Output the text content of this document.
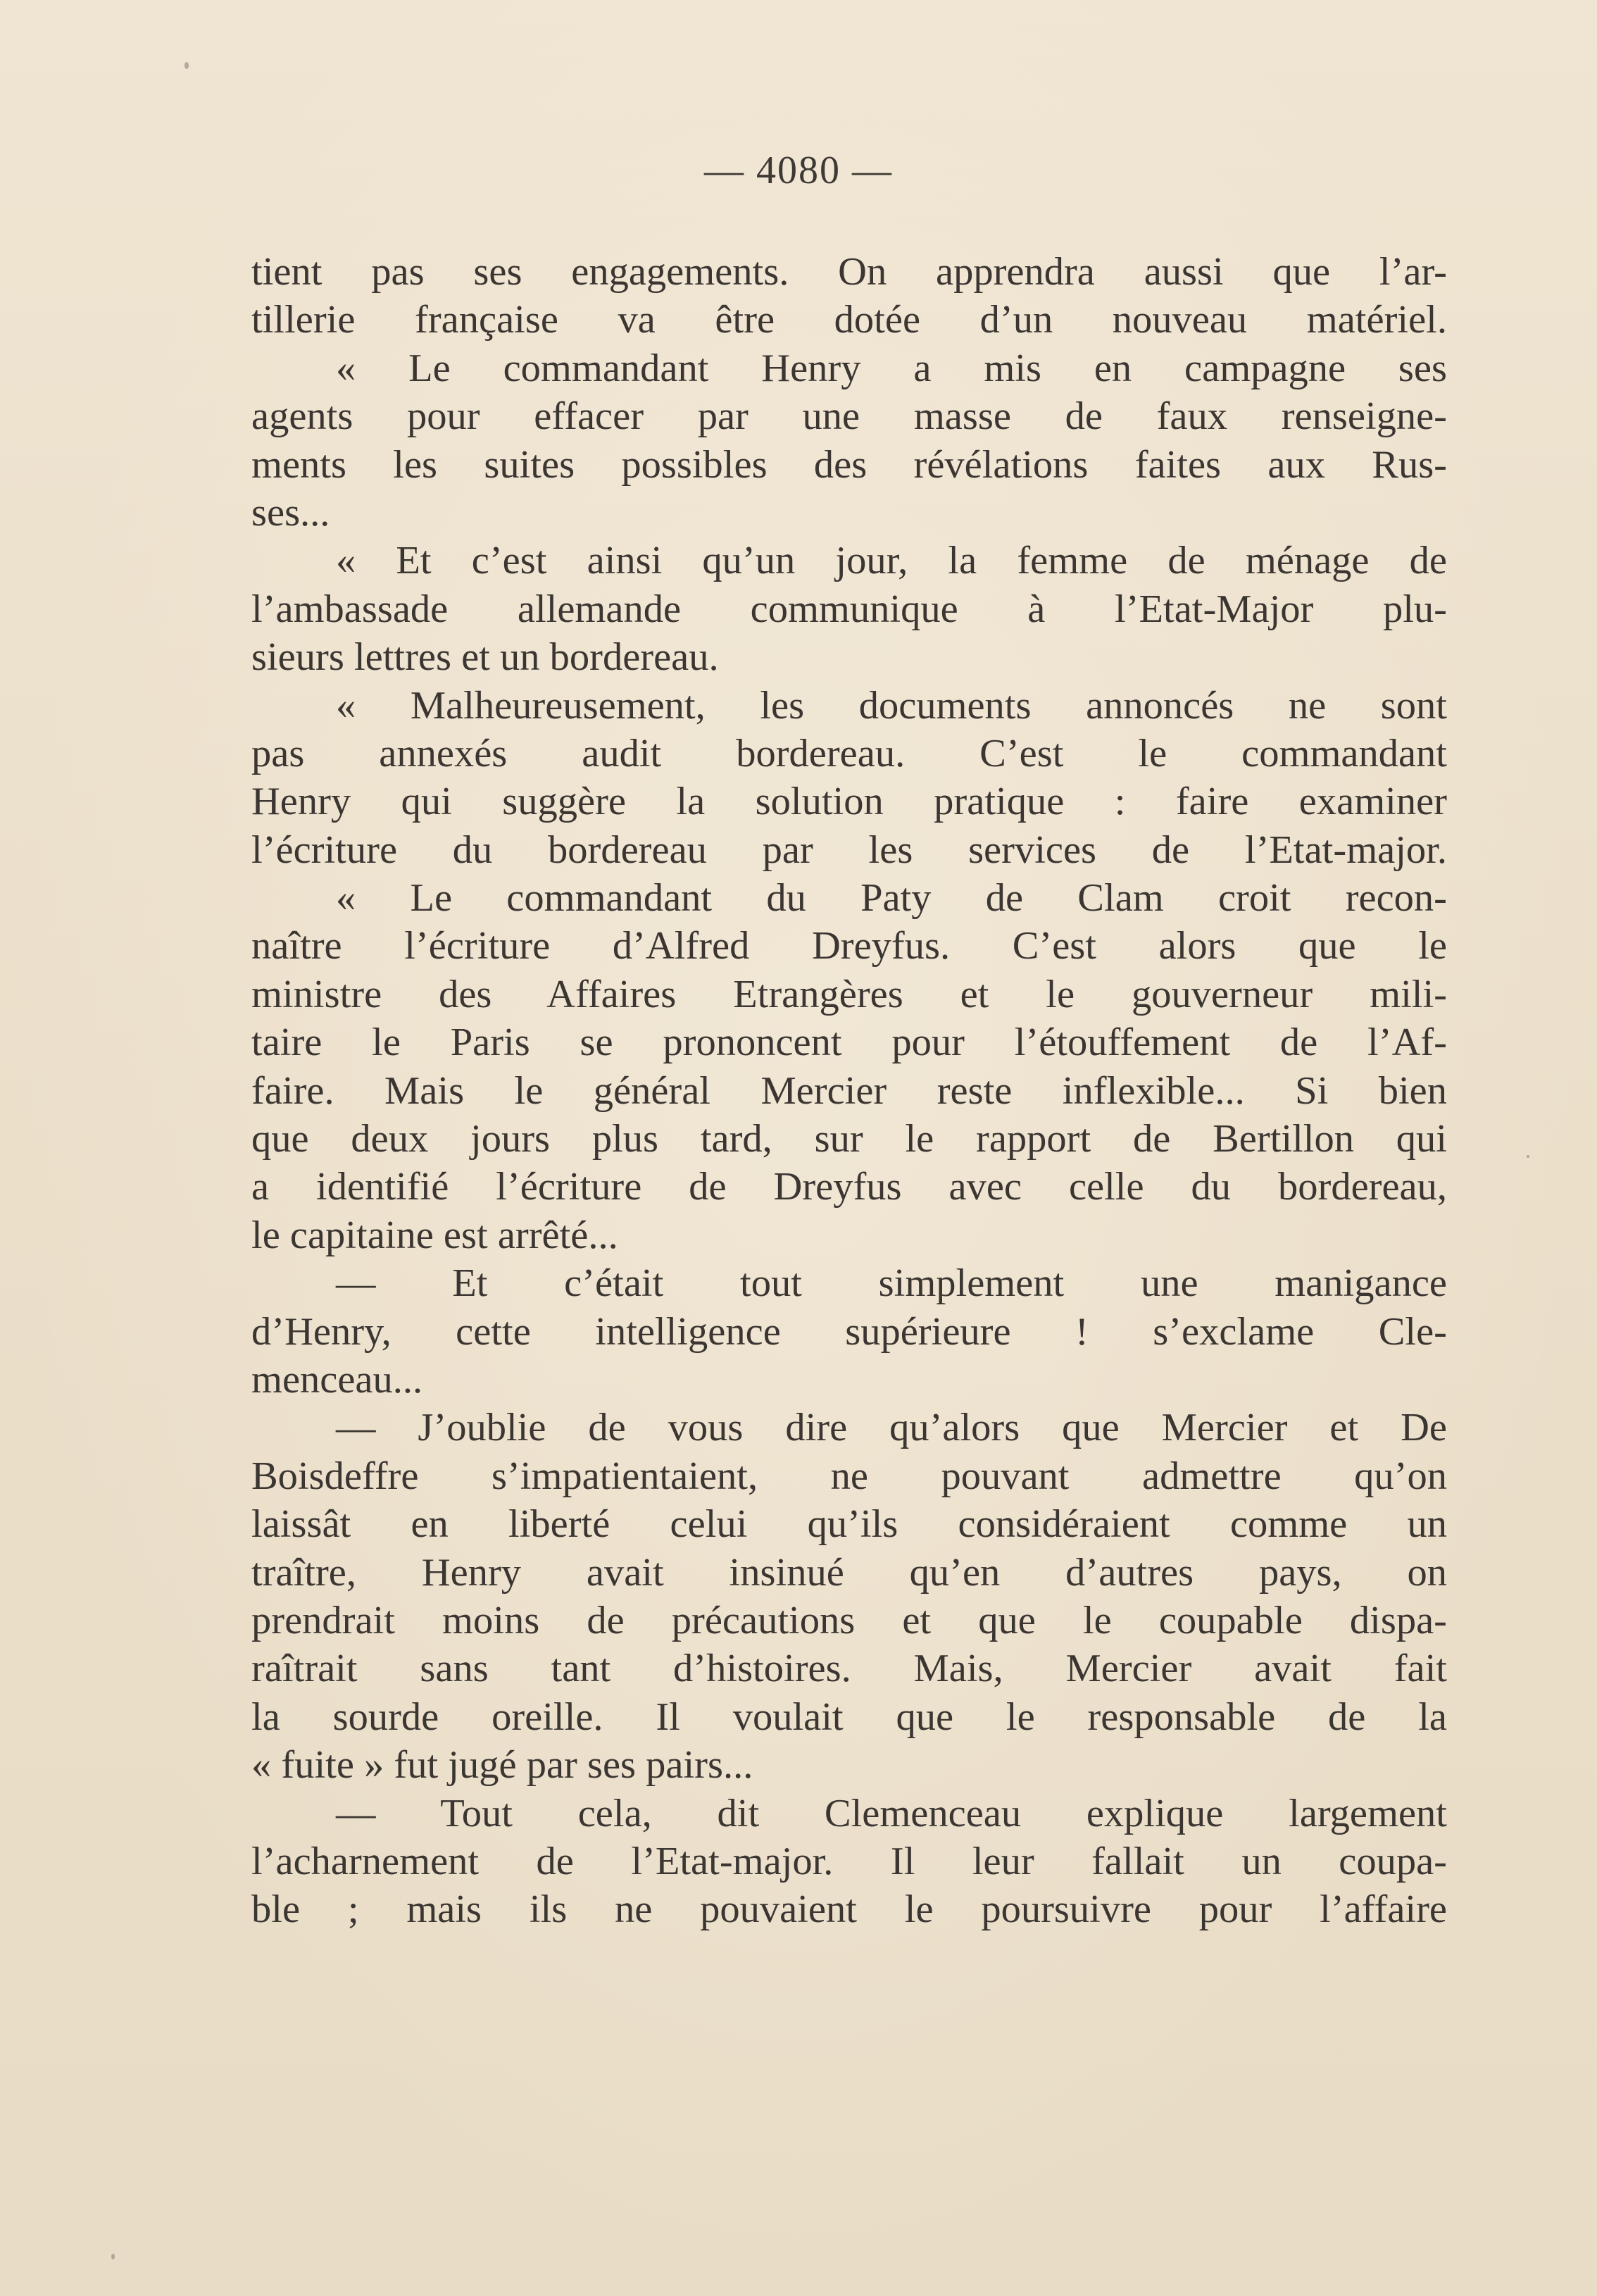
— 4080 —
tient pas ses engagements. On apprendra aussi que l’ar-
tillerie française va être dotée d’un nouveau matériel.
« Le commandant Henry a mis en campagne ses
agents pour effacer par une masse de faux renseigne-
ments les suites possibles des révélations faites aux Rus-
ses...
« Et c’est ainsi qu’un jour, la femme de ménage de
l’ambassade allemande communique à l’Etat-Major plu-
sieurs lettres et un bordereau.
« Malheureusement, les documents annoncés ne sont
pas annexés audit bordereau. C’est le commandant
Henry qui suggère la solution pratique : faire examiner
l’écriture du bordereau par les services de l’Etat-major.
« Le commandant du Paty de Clam croit recon-
naître l’écriture d’Alfred Dreyfus. C’est alors que le
ministre des Affaires Etrangères et le gouverneur mili-
taire le Paris se prononcent pour l’étouffement de l’Af-
faire. Mais le général Mercier reste inflexible... Si bien
que deux jours plus tard, sur le rapport de Bertillon qui
a identifié l’écriture de Dreyfus avec celle du bordereau,
le capitaine est arrêté...
— Et c’était tout simplement une manigance
d’Henry, cette intelligence supérieure ! s’exclame Cle-
menceau...
— J’oublie de vous dire qu’alors que Mercier et De
Boisdeffre s’impatientaient, ne pouvant admettre qu’on
laissât en liberté celui qu’ils considéraient comme un
traître, Henry avait insinué qu’en d’autres pays, on
prendrait moins de précautions et que le coupable dispa-
raîtrait sans tant d’histoires. Mais, Mercier avait fait
la sourde oreille. Il voulait que le responsable de la
« fuite » fut jugé par ses pairs...
— Tout cela, dit Clemenceau explique largement
l’acharnement de l’Etat-major. Il leur fallait un coupa-
ble ; mais ils ne pouvaient le poursuivre pour l’affaire
